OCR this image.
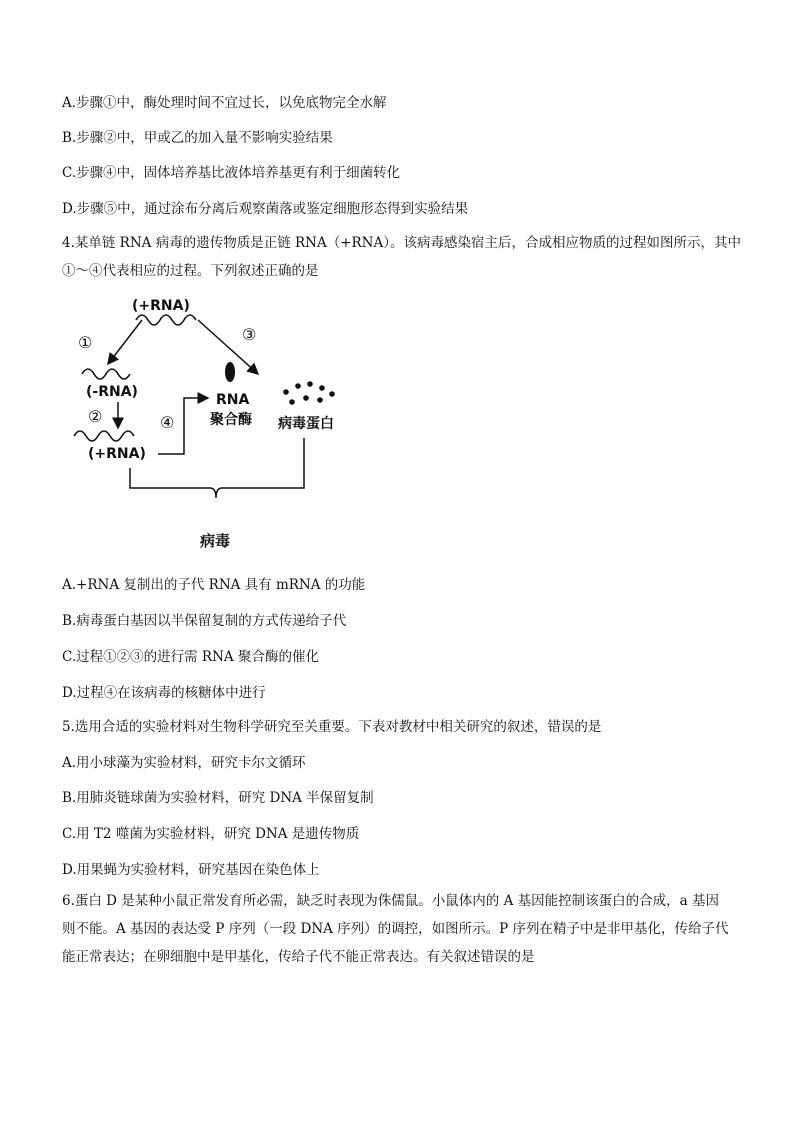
A.步骤①中，酶处理时间不宜过长，以免底物完全水解
B.步骤②中，甲或乙的加入量不影响实验结果
C.步骤④中，固体培养基比液体培养基更有利于细菌转化
D.步骤⑤中，通过涂布分离后观察菌落或鉴定细胞形态得到实验结果
4.某单链 RNA 病毒的遗传物质是正链 RNA（+RNA）。该病毒感染宿主后，合成相应物质的过程如图所示，其中
①～④代表相应的过程。下列叙述正确的是
(+RNA)
①	③
(-RNA)
②
(+RNA)
④
RNA
聚合酶 病毒蛋白
病毒
A.+RNA 复制出的子代 RNA 具有 mRNA 的功能
B.病毒蛋白基因以半保留复制的方式传递给子代
C.过程①②③的进行需 RNA 聚合酶的催化
D.过程④在该病毒的核糖体中进行
5.选用合适的实验材料对生物科学研究至关重要。下表对教材中相关研究的叙述，错误的是
A.用小球藻为实验材料，研究卡尔文循环
B.用肺炎链球菌为实验材料，研究 DNA 半保留复制
C.用 T2 噬菌为实验材料，研究 DNA 是遗传物质
D.用果蝇为实验材料，研究基因在染色体上
6.蛋白 D 是某种小鼠正常发育所必需，缺乏时表现为侏儒鼠。小鼠体内的 A 基因能控制该蛋白的合成，a 基因
则不能。A 基因的表达受 P 序列（一段 DNA 序列）的调控，如图所示。P 序列在精子中是非甲基化，传给子代
能正常表达；在卵细胞中是甲基化，传给子代不能正常表达。有关叙述错误的是
